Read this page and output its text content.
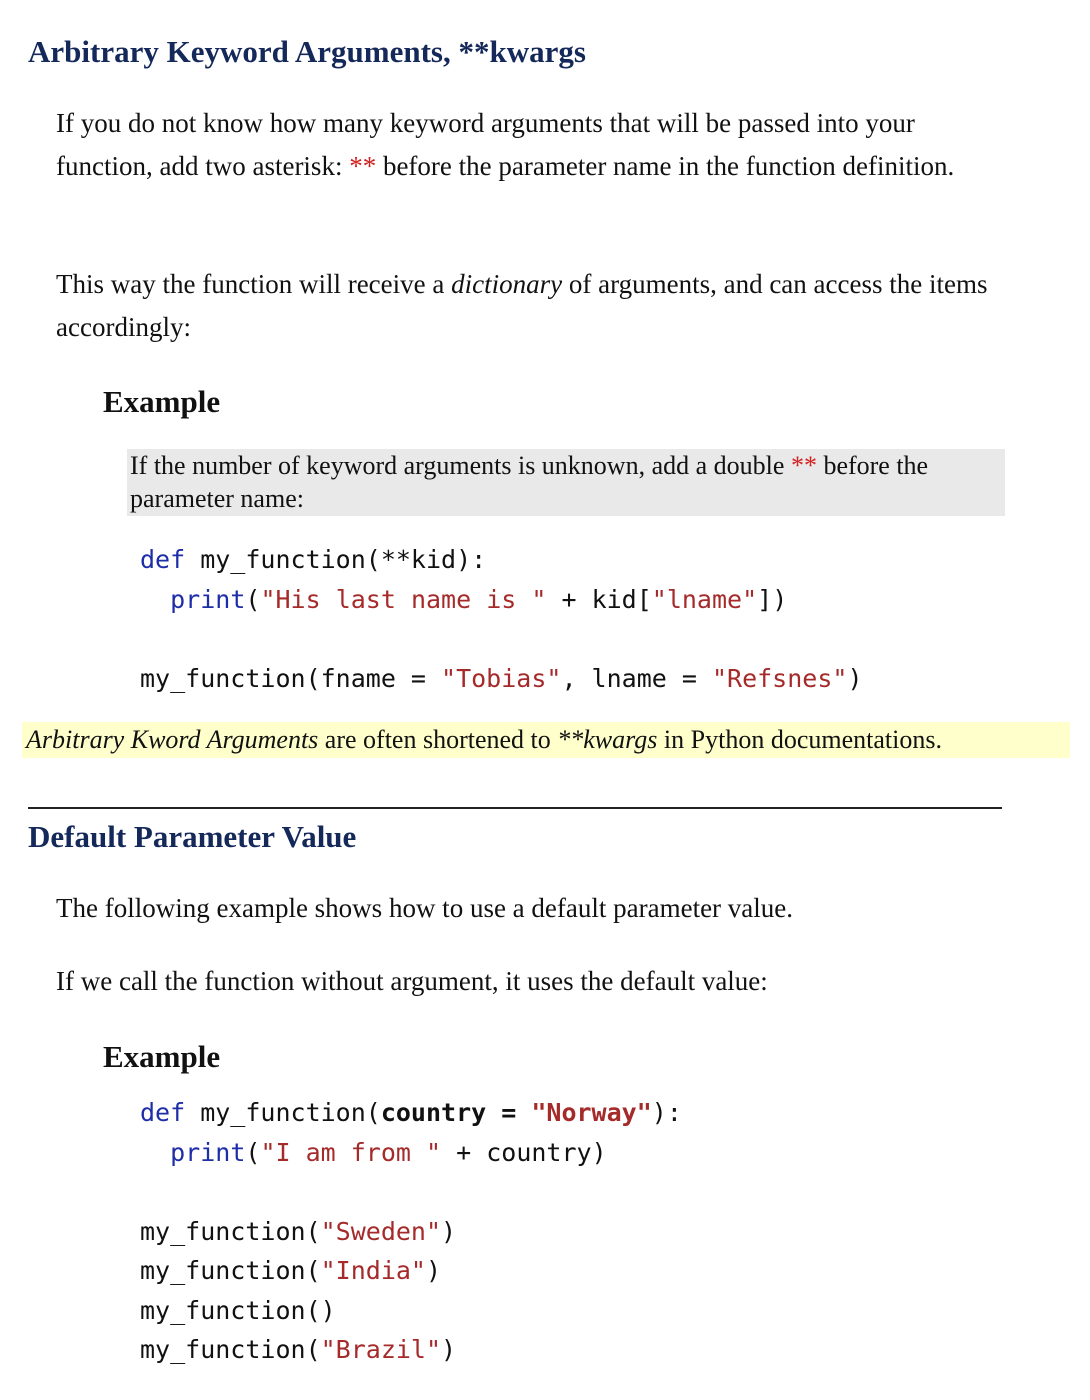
Arbitrary Keyword Arguments, **kwargs

If you do not know how many keyword arguments that will be passed into your function, add two asterisk: ** before the parameter name in the function definition.

This way the function will receive a dictionary of arguments, and can access the items accordingly:

Example
If the number of keyword arguments is unknown, add a double ** before the parameter name:
def my_function(**kid):
print("His last name is " + kid["lname"])

my_function(fname = "Tobias", lname = "Refsnes")
Arbitrary Kword Arguments are often shortened to **kwargs in Python documentations.
Default Parameter Value

The following example shows how to use a default parameter value.

If we call the function without argument, it uses the default value:

Example
def my_function(country = "Norway"):
print("I am from " + country)

my_function("Sweden")
my_function("India")
my_function()
my_function("Brazil")
